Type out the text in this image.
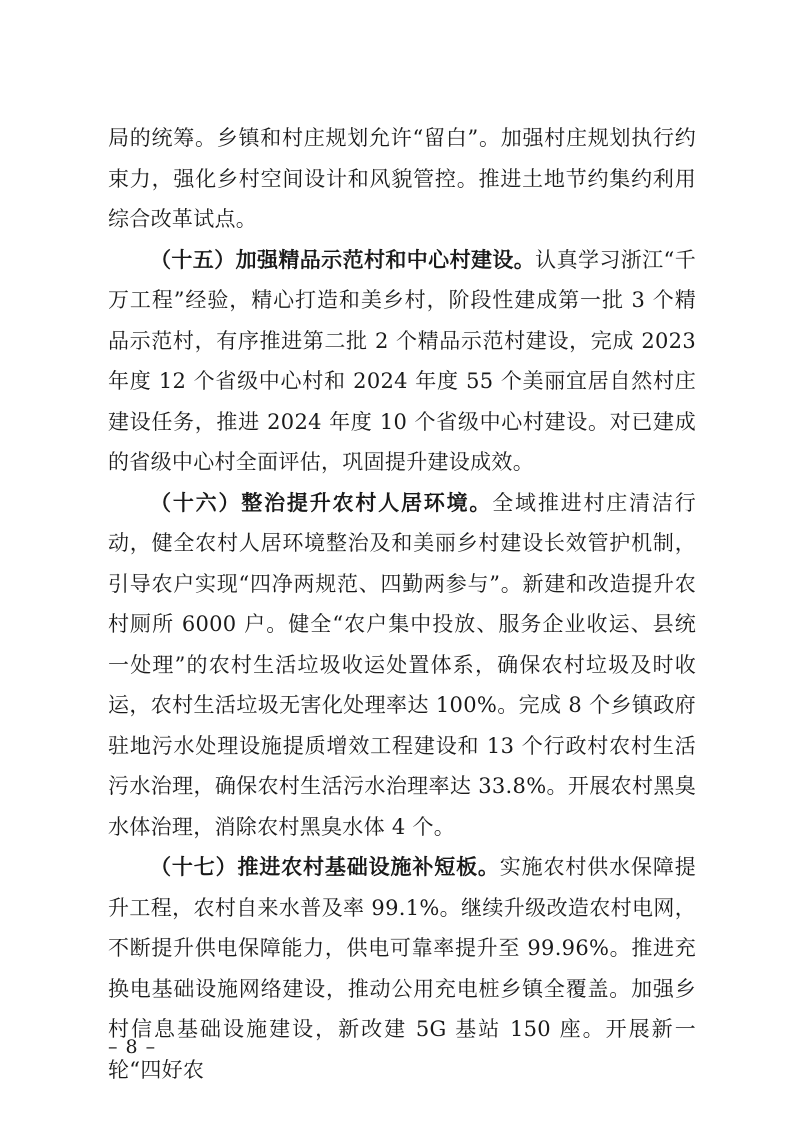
局的统筹。乡镇和村庄规划允许“留白”。加强村庄规划执行约束力，强化乡村空间设计和风貌管控。推进土地节约集约利用综合改革试点。

（十五）加强精品示范村和中心村建设。认真学习浙江“千万工程”经验，精心打造和美乡村，阶段性建成第一批 3 个精品示范村，有序推进第二批 2 个精品示范村建设，完成 2023 年度 12 个省级中心村和 2024 年度 55 个美丽宜居自然村庄建设任务，推进 2024 年度 10 个省级中心村建设。对已建成的省级中心村全面评估，巩固提升建设成效。

（十六）整治提升农村人居环境。全域推进村庄清洁行动，健全农村人居环境整治及和美丽乡村建设长效管护机制，引导农户实现“四净两规范、四勤两参与”。新建和改造提升农村厕所 6000 户。健全“农户集中投放、服务企业收运、县统一处理”的农村生活垃圾收运处置体系，确保农村垃圾及时收运，农村生活垃圾无害化处理率达 100%。完成 8 个乡镇政府驻地污水处理设施提质增效工程建设和 13 个行政村农村生活污水治理，确保农村生活污水治理率达 33.8%。开展农村黑臭水体治理，消除农村黑臭水体 4 个。

（十七）推进农村基础设施补短板。实施农村供水保障提升工程，农村自来水普及率 99.1%。继续升级改造农村电网，不断提升供电保障能力，供电可靠率提升至 99.96%。推进充换电基础设施网络建设，推动公用充电桩乡镇全覆盖。加强乡村信息基础设施建设，新改建 5G 基站 150 座。开展新一轮“四好农

– 8 –
